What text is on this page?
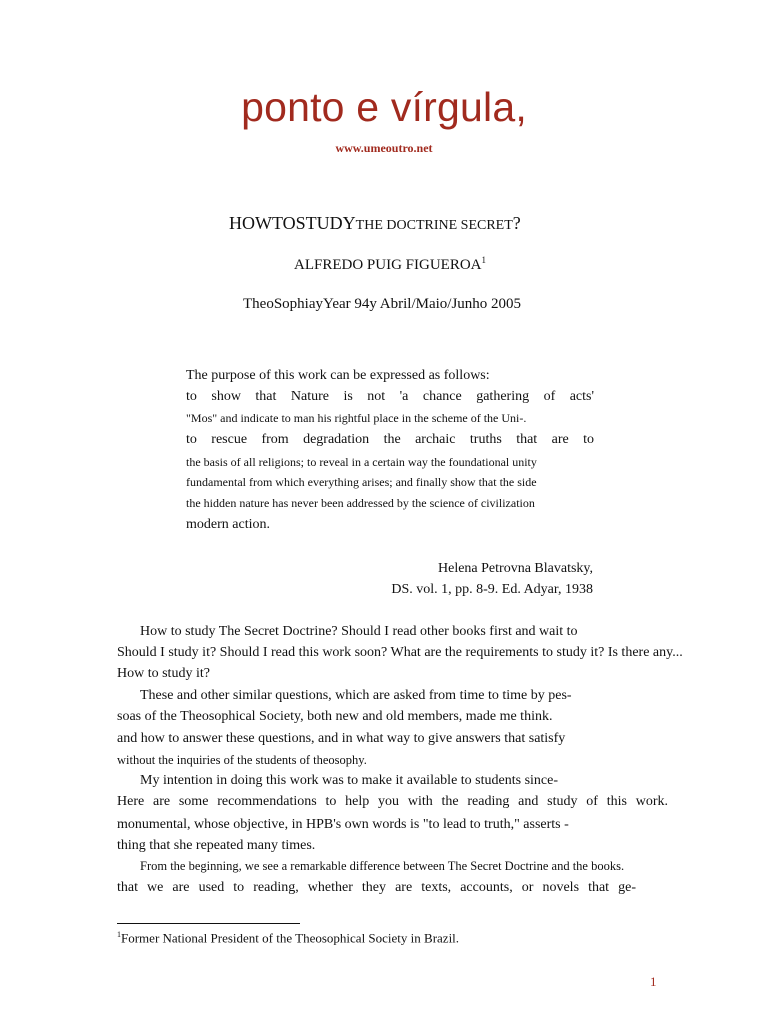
ponto e vírgula,
www.umeoutro.net
HOWTOSTUDYTHE DOCTRINE SECRET?
ALFREDO PUIG FIGUEROA$^1$
TheoSophiayYear 94y Abril/Maio/Junho 2005
The purpose of this work can be expressed as follows:
to show that Nature is not 'a chance gathering of acts'
"Mos" and indicate to man his rightful place in the scheme of the Uni-.
to rescue from degradation the archaic truths that are to
the basis of all religions; to reveal in a certain way the foundational unity
fundamental from which everything arises; and finally show that the side
the hidden nature has never been addressed by the science of civilization
modern action.
Helena Petrovna Blavatsky,
DS. vol. 1, pp. 8-9. Ed. Adyar, 1938
How to study The Secret Doctrine? Should I read other books first and wait to
Should I study it? Should I read this work soon? What are the requirements to study it? Is there any...
How to study it?
These and other similar questions, which are asked from time to time by pes-
soas of the Theosophical Society, both new and old members, made me think.
and how to answer these questions, and in what way to give answers that satisfy
without the inquiries of the students of theosophy.
My intention in doing this work was to make it available to students since-
Here are some recommendations to help you with the reading and study of this work.
monumental, whose objective, in HPB's own words is "to lead to truth," asserts -
thing that she repeated many times.
From the beginning, we see a remarkable difference between The Secret Doctrine and the books.
that we are used to reading, whether they are texts, accounts, or novels that ge-
$^1$Former National President of the Theosophical Society in Brazil.
1
